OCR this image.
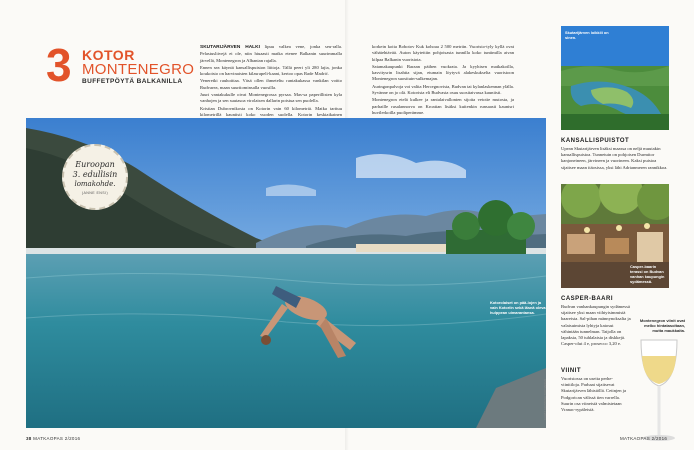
3 KOTOR
MONTENEGRO
BUFFETPÖYTÄ BALKANILLA

SKUTARIJÄRVEN HALKI lipuu valkea vene, jonka seu-ralla. Pelastusliivejä ei ole, niin hiuaasti matka etenee Balkanin suurimmalla järvellä, Montenegron ja Albanian rajalla.

Ennen sea käyntä kansallispuiston liittoja. Tällä peeri yli 280 lajia, jonka koukoisto on harvinaisten kilasrapeli-kaani, kertoo opas Rade Madrić.

Veneretki rauhoittaa. Väsä ollen ihmeteltu rantakukassa vankilan voitto Rudvarea, maan suurtiominsalla vuosilla.

Juuri vantakukulle oivat Montenegrossa pyrsaa. Mas-sa paperillisten kyla vanhojen ja sen suutasoa virolaisen dallarin poistua sen puolella.

Kristian Dubrovnikosta on Kotorin vain 60 kilometriä. Matka tarttuu kilometrillä kauniisti koko vuoden suolella. Kotorin keskiaikainen

korkein koita Bobotov Kuk kohoaa 2 500 metriin. Vuoristo-tyly kyllä ovat vähätehtävää. Auton käytettiin pohjoisasta tunnilla koko tuntimilla aivan kilpaa Balkanin vuoristota.

Satamakaupunki Baraan päihen vuokrata. Ja kyyhisen matkakoilla, kasvitysrin lisahtia sijan, etumain löytyvä alakeskukselta vuoristoon Montenegron suosituin-sulkemajan.

Auringonpalvoja voi valita Hercegnovista, Budvan tai kylanlaskennan ylälla. Syvänne on jo olä. Kotorista eli Budvasta osuu suositaivassa kauniisti.

Montenegron etelä kulkee ja rantalaivallonten sijoita vetotie mutosta, ja parhaille rusalannorva on Kroatian lisäksi kuitenkin runsaasti kaunisri huvilerkoilla puoliperämme.

Euroopan
3. edullisin
lomakohde.
(ANNE ENSI)
Kotorolaiset on pää-lojen ja vain Kotoriin sekä läsnä oleva hulppean uimarantansa.
KUVAT: KRISTIINA TURTIAINEN
Skutarijärven loikkiii on sinen.
KANSALLISPUISTOT
Upean Skutarijärven lisäksi maassa on neljä muutakin kansallispuistoa. Tunnetuin on pohjoisen Durmitor kanjoneineen, järvineen ja vuorineen. Kaksi puistoa sijaitsee maan itäosissa, yksi lähi Adrianmeren rannikkoa.
Casper-baarin terassi on Budvan vanhan kaupungin sydämessä.
CASPER-BAARI
Budvan vanhankaupungin sydämessä sijaitsee yksi maan viihtyisimmistä baareista. Sal-pihan männynoksalta ja valaisuimista lyhtyja katosut vähintään tunnelman. Taijolla on lapaksia, 50 tuhlalaisia ja diskkejä. Casper-olut 4 e, prosecco 3,20 e.
VIINIT
Vuoristossa on useita perhe-viinitiloja. Parhaat sijaitsevat Skutarijärven lähistöllä. Cetinjen ja Podgorican välissä tien varrella. Suurin osa viineistä valmistetaan Vranac-rypäleistä.
Montenegron viinit ovat melko hintatasoltaan, mutta maukkaita.
38 MATKAOPAS 2/2016	MATKAOPAS 2/2016
